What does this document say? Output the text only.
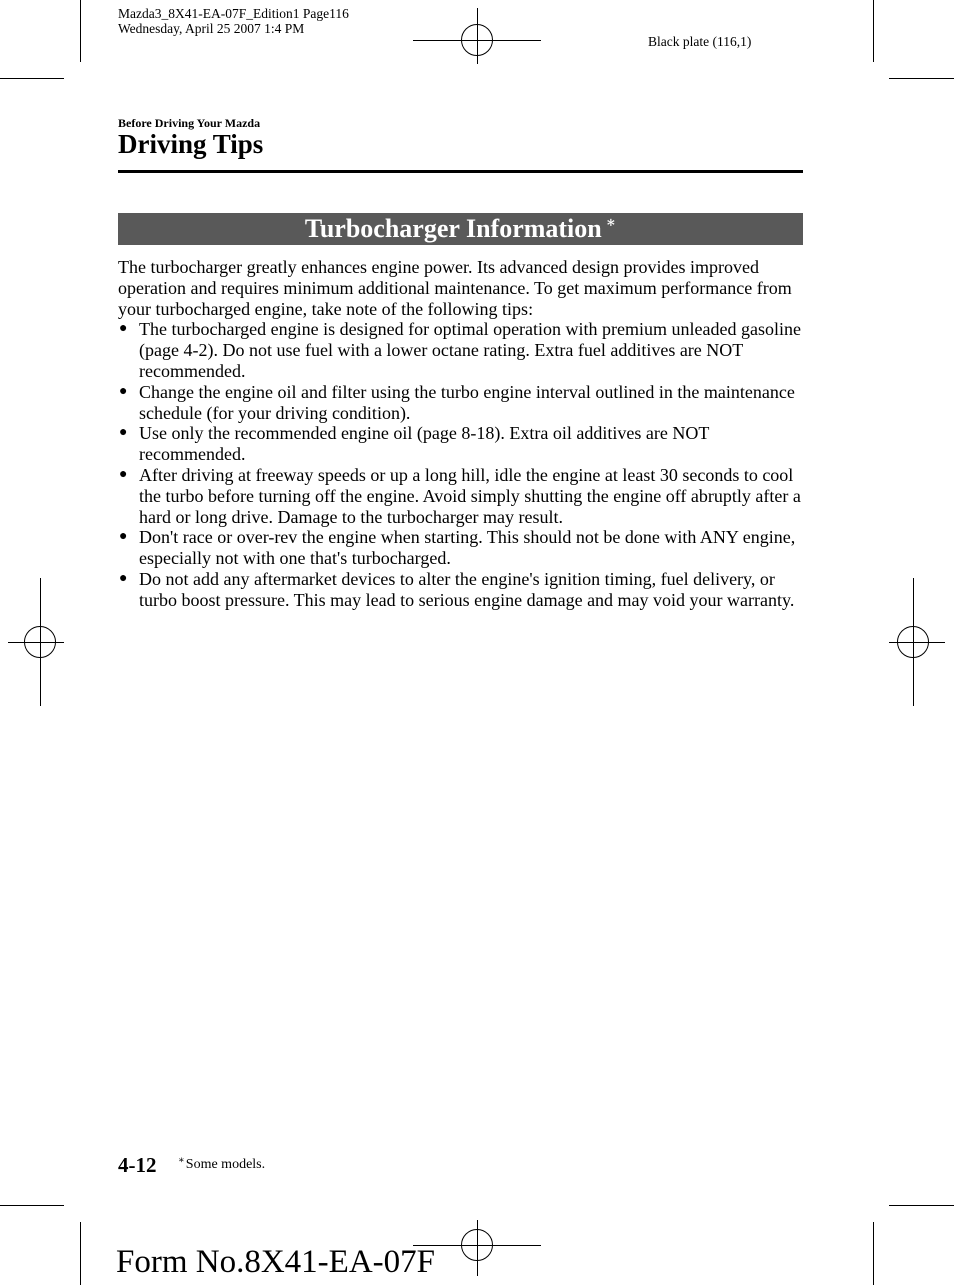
Mazda3_8X41-EA-07F_Edition1 Page116
Wednesday, April 25 2007 1:4 PM
Black plate (116,1)
Before Driving Your Mazda
Driving Tips
Turbocharger Information ∗

The turbocharger greatly enhances engine power. Its advanced design provides improved operation and requires minimum additional maintenance. To get maximum performance from your turbocharged engine, take note of the following tips:

● The turbocharged engine is designed for optimal operation with premium unleaded gasoline (page 4-2). Do not use fuel with a lower octane rating. Extra fuel additives are NOT recommended.
● Change the engine oil and filter using the turbo engine interval outlined in the maintenance schedule (for your driving condition).
● Use only the recommended engine oil (page 8-18). Extra oil additives are NOT recommended.
● After driving at freeway speeds or up a long hill, idle the engine at least 30 seconds to cool the turbo before turning off the engine. Avoid simply shutting the engine off abruptly after a hard or long drive. Damage to the turbocharger may result.
● Don't race or over-rev the engine when starting. This should not be done with ANY engine, especially not with one that's turbocharged.
● Do not add any aftermarket devices to alter the engine's ignition timing, fuel delivery, or turbo boost pressure. This may lead to serious engine damage and may void your warranty.
4-12 ∗Some models.
Form No.8X41-EA-07F
